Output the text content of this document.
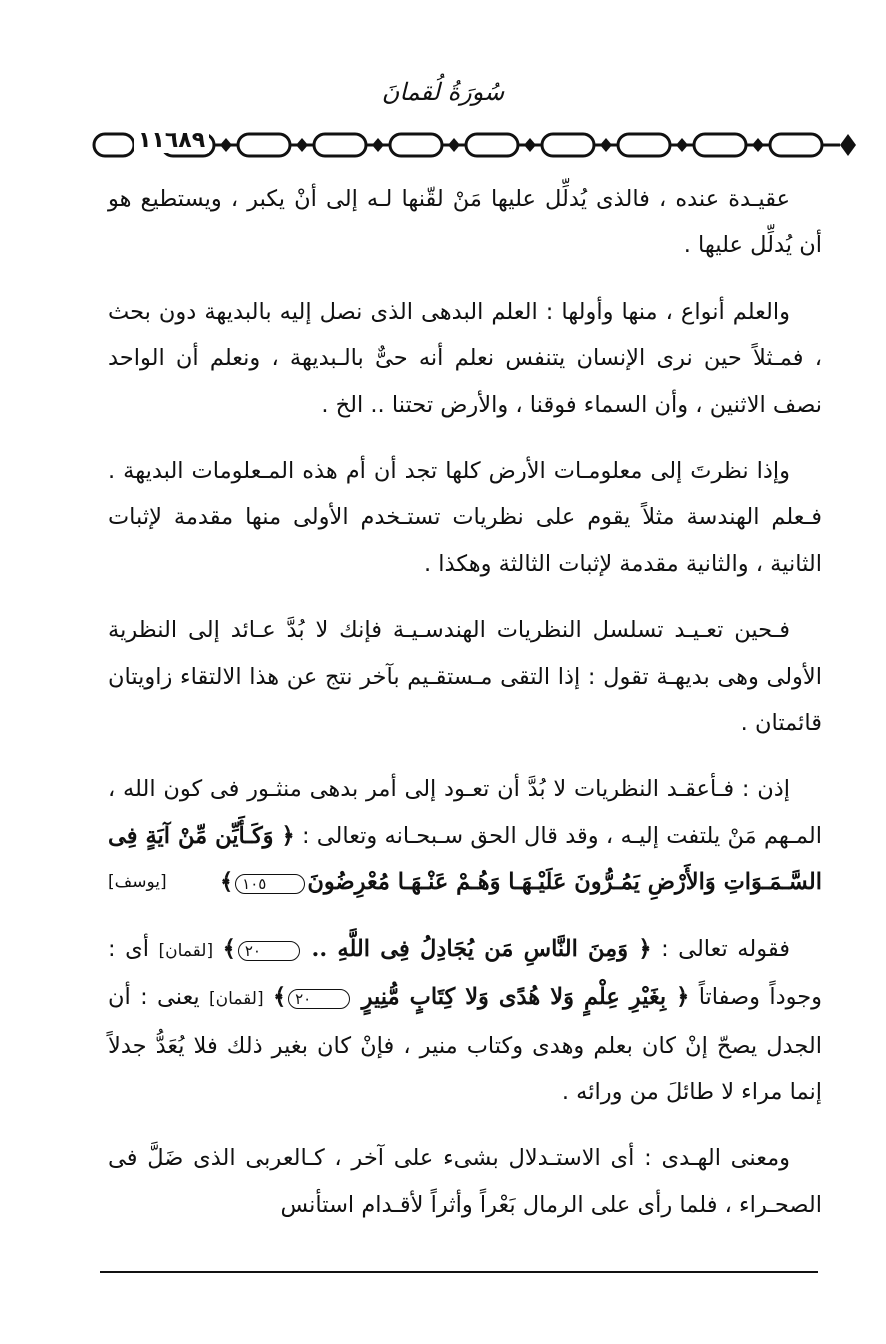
سُورَةُ لُقمانَ
١١٦٨٩

عقيـدة عنده ، فالذى يُدلِّل عليها مَنْ لقّنها لـه إلى أنْ يكبر ، ويستطيع هو أن يُدلِّل عليها .

والعلم أنواع ، منها وأولها : العلم البدهى الذى نصل إليه بالبديهة دون بحث ، فمـثلاً حين نرى الإنسان يتنفس نعلم أنه حىٌّ بالـبديهة ، ونعلم أن الواحد نصف الاثنين ، وأن السماء فوقنا ، والأرض تحتنا .. الخ .

وإذا نظرتَ إلى معلومـات الأرض كلها تجد أن أم هذه المـعلومات البديهة . فـعلم الهندسة مثلاً يقوم على نظريات تستـخدم الأولى منها مقدمة لإثبات الثانية ، والثانية مقدمة لإثبات الثالثة وهكذا .

فـحين تعـيـد تسلسل النظريات الهندسـيـة فإنك لا بُدَّ عـائد إلى النظرية الأولى وهى بديهـة تقول : إذا التقى مـستقـيم بآخر نتج عن هذا الالتقاء زاويتان قائمتان .

إذن : فـأعقـد النظريات لا بُدَّ أن تعـود إلى أمر بدهى منثـور فى كون الله ، المـهم مَنْ يلتفت إليـه ، وقد قال الحق سـبحـانه وتعالى : ﴿ وَكَـأَيِّن مِّنْ آيَةٍ فِى السَّـمَـوَاتِ وَالأَرْضِ يَمُـرُّونَ عَلَيْـهَـا وَهُـمْ عَنْـهَـا مُعْرِضُونَ١٠٥﴾
[يوسف]

فقوله تعالى : ﴿ وَمِنَ النَّاسِ مَن يُجَادِلُ فِى اللَّهِ .. ٢٠﴾ [لقمان] أى : وجوداً وصفاتاً ﴿ بِغَيْرِ عِلْمٍ وَلا هُدًى وَلا كِتَابٍ مُّنِيرٍ ٢٠﴾ [لقمان] يعنى : أن الجدل يصحّ إنْ كان بعلم وهدى وكتاب منير ، فإنْ كان بغير ذلك فلا يُعَدُّ جدلاً إنما مراء لا طائلَ من ورائه .

ومعنى الهـدى : أى الاستـدلال بشىء على آخر ، كـالعربى الذى ضَلَّ فى الصحـراء ، فلما رأى على الرمال بَعْراً وأثراً لأقـدام استأنس
